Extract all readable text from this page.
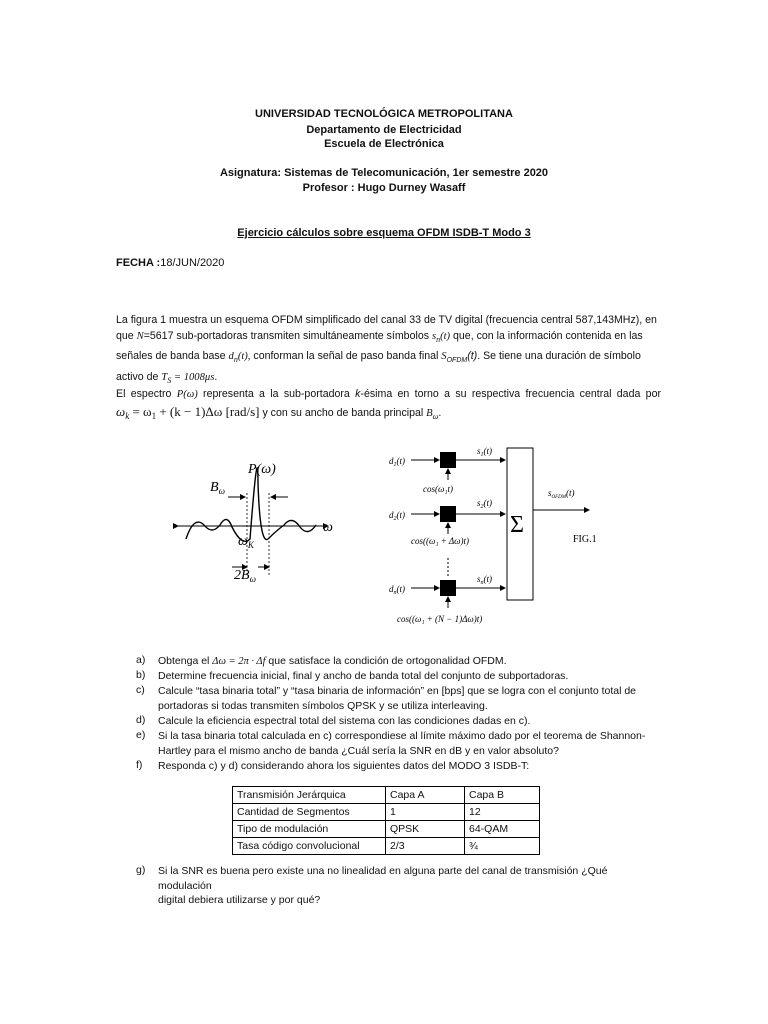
UNIVERSIDAD TECNOLÓGICA METROPOLITANA
Departamento de Electricidad
Escuela de Electrónica
Asignatura: Sistemas de Telecomunicación, 1er semestre 2020
Profesor : Hugo Durney Wasaff
Ejercicio cálculos sobre esquema OFDM ISDB-T Modo 3
FECHA :18/JUN/2020
La figura 1 muestra un esquema OFDM simplificado del canal 33 de TV digital (frecuencia central 587,143MHz), en
que N=5617 sub-portadoras transmiten simultáneamente símbolos $s_n(t)$ que, con la información contenida en las
señales de banda base $d_n(t)$, conforman la señal de paso banda final $S_{OFDM}(t)$. Se tiene una duración de símbolo
activo de $T_S = 1008\mu s$.
El espectro P(ω) representa a la sub-portadora k-ésima en torno a su respectiva frecuencia central dada por
$\omega_k = \omega_1 + (k - 1)\Delta\omega$ [rad/s] y con su ancho de banda principal $B_\omega$.
P(ω)
$B_\omega$
ω
$\omega_K$
$2B_\omega$
Σ
$d_1(t)$
$d_2(t)$
$d_n(t)$
$s_1(t)$
$s_2(t)$
$s_n(t)$
cos(ω₁t)
cos((ω₁ + Δω)t)
cos((ω₁ + (N − 1)Δω)t)
$s_{OFDM}(t)$
FIG.1
a)	Obtenga el Δω = 2π · Δf que satisface la condición de ortogonalidad OFDM.
b)	Determine frecuencia inicial, final y ancho de banda total del conjunto de subportadoras.
c)	Calcule “tasa binaria total” y “tasa binaria de información” en [bps] que se logra con el conjunto total de
portadoras si todas transmiten símbolos QPSK y se utiliza interleaving.
d)	Calcule la eficiencia espectral total del sistema con las condiciones dadas en c).
e)	Si la tasa binaria total calculada en c) correspondiese al límite máximo dado por el teorema de Shannon-
Hartley para el mismo ancho de banda ¿Cuál sería la SNR en dB y en valor absoluto?
f)	Responda c) y d) considerando ahora los siguientes datos del MODO 3 ISDB-T:
Transmisión Jerárquica	Capa A	Capa B
Cantidad de Segmentos	1	12
Tipo de modulación	QPSK	64-QAM
Tasa código convolucional	2/3	¾
g)	Si la SNR es buena pero existe una no linealidad en alguna parte del canal de transmisión ¿Qué modulación
digital debiera utilizarse y por qué?
